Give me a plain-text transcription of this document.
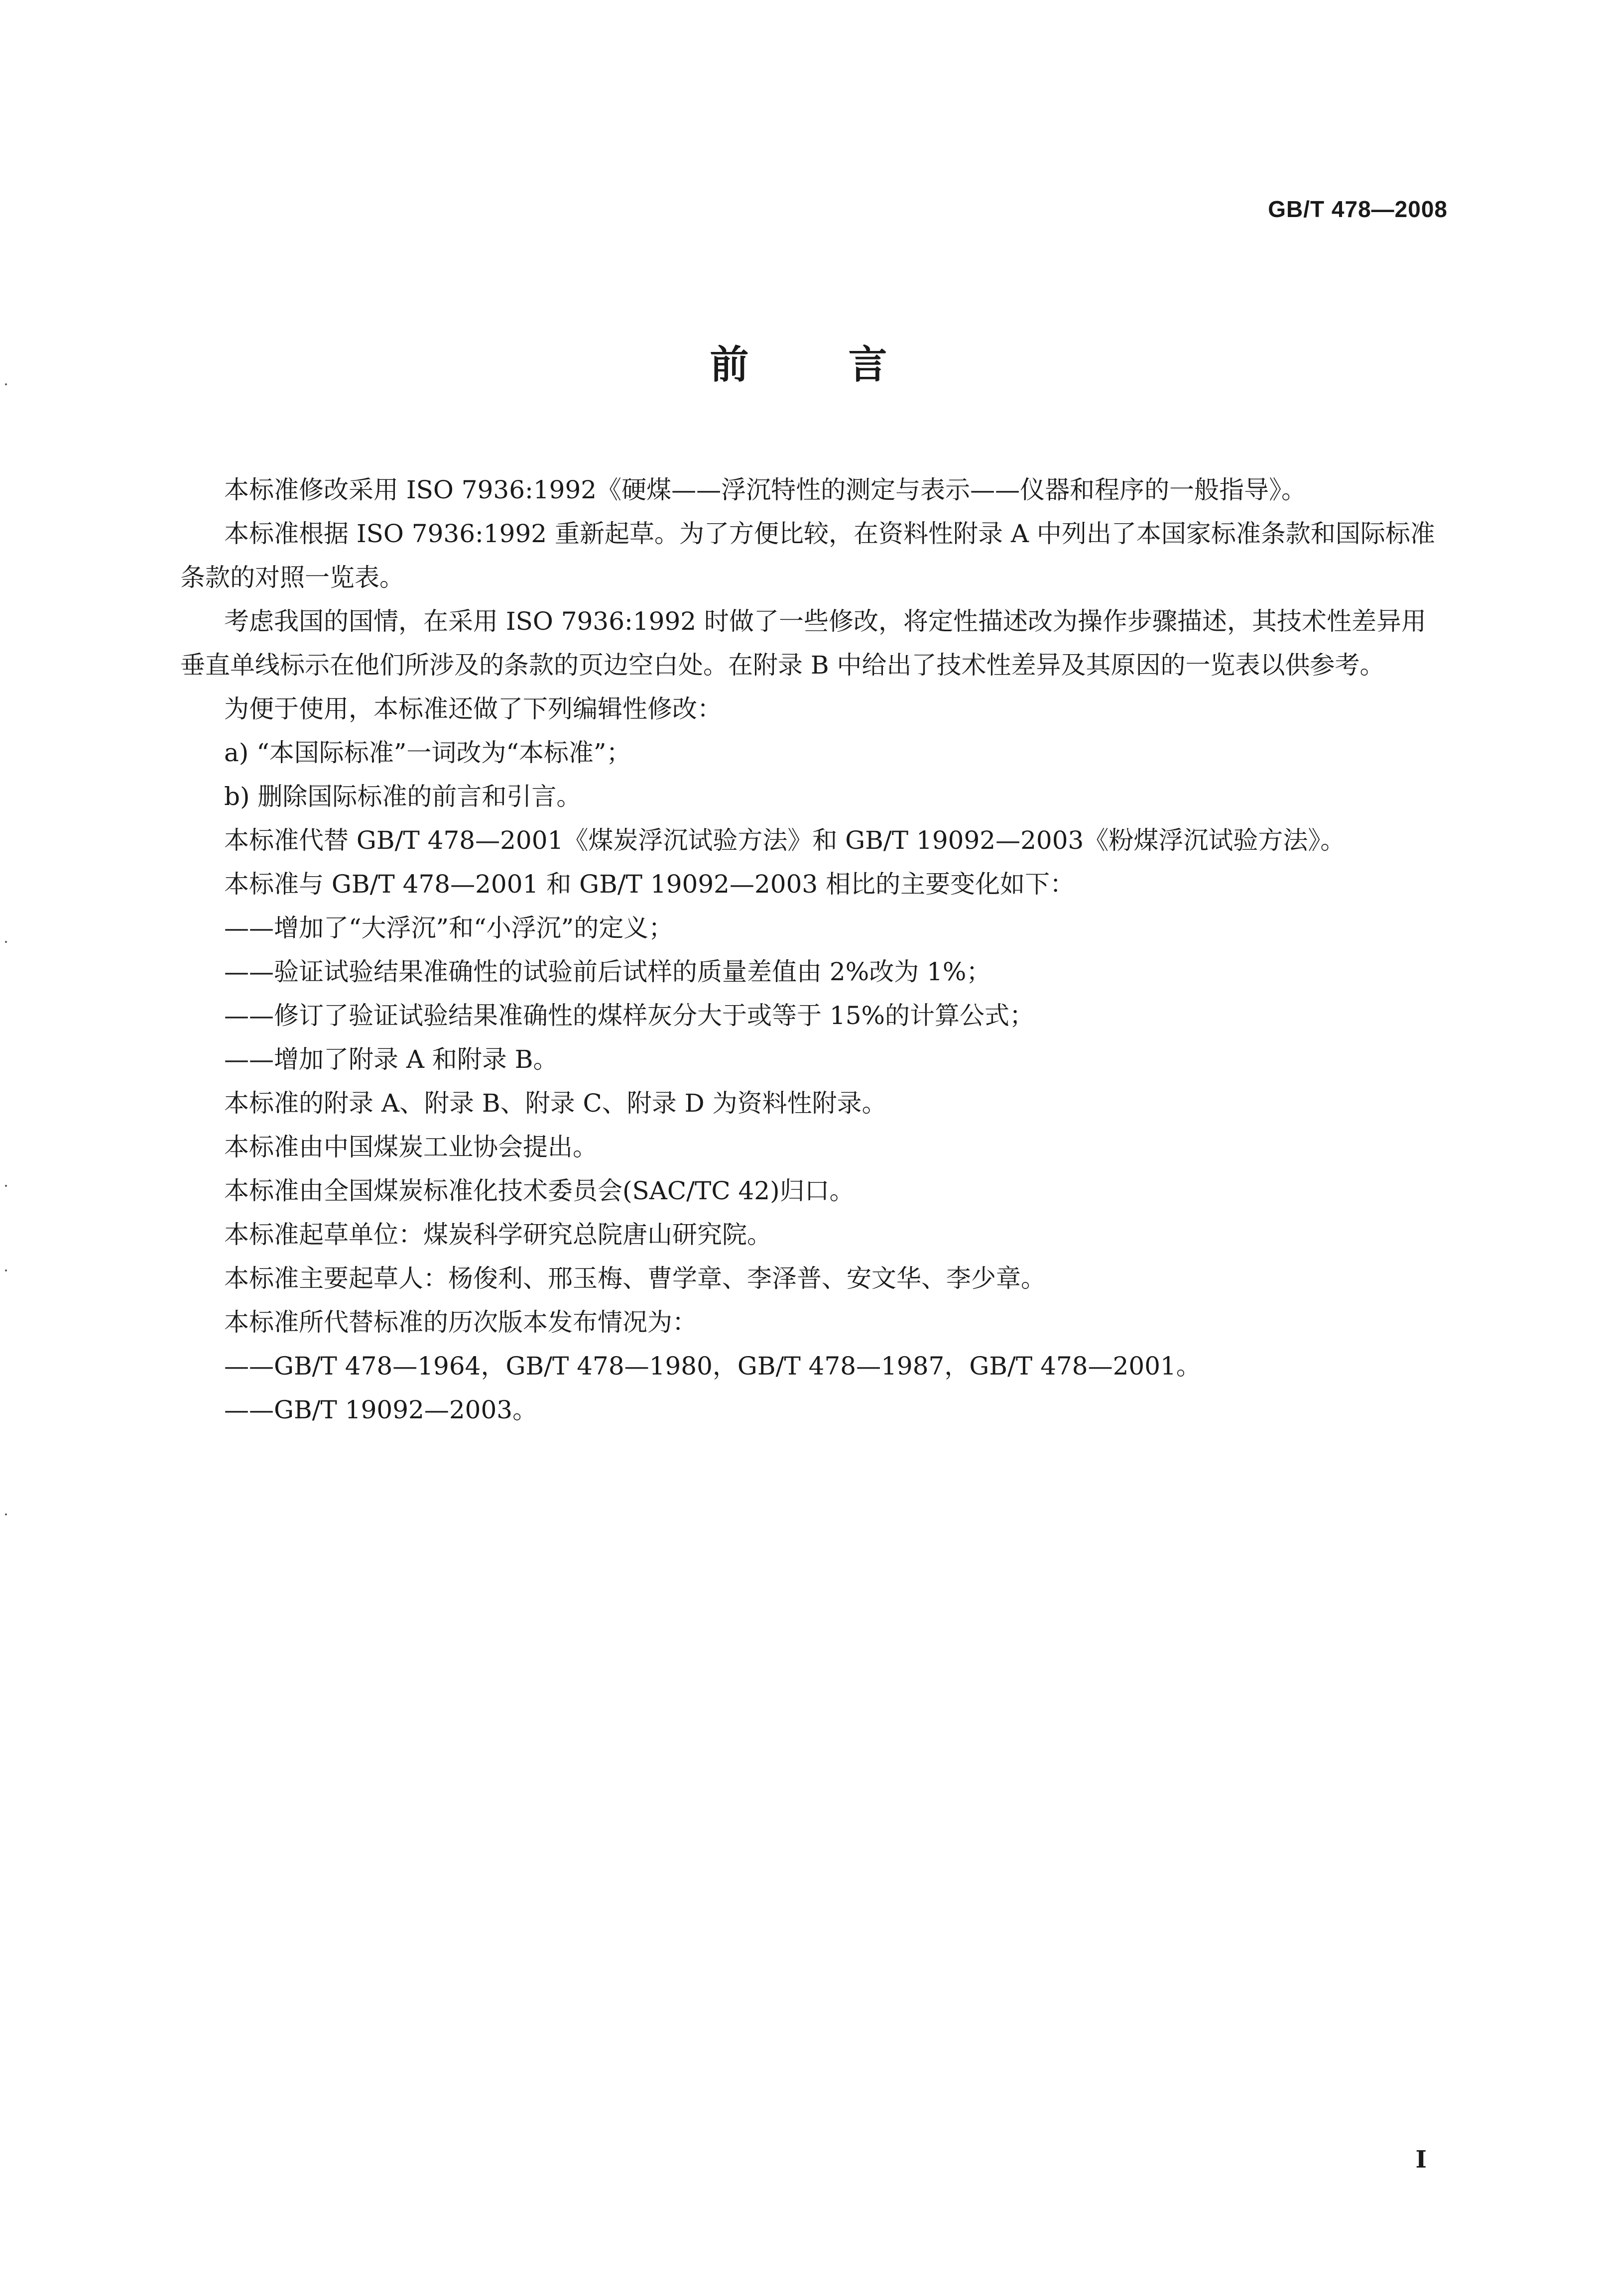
GB/T 478—2008
前言

本标准修改采用 ISO 7936:1992《硬煤——浮沉特性的测定与表示——仪器和程序的一般指导》。

本标准根据 ISO 7936:1992 重新起草。为了方便比较，在资料性附录 A 中列出了本国家标准条款和国际标准条款的对照一览表。

考虑我国的国情，在采用 ISO 7936:1992 时做了一些修改，将定性描述改为操作步骤描述，其技术性差异用垂直单线标示在他们所涉及的条款的页边空白处。在附录 B 中给出了技术性差异及其原因的一览表以供参考。

为便于使用，本标准还做了下列编辑性修改：

a) “本国际标准”一词改为“本标准”；

b) 删除国际标准的前言和引言。

本标准代替 GB/T 478—2001《煤炭浮沉试验方法》和 GB/T 19092—2003《粉煤浮沉试验方法》。

本标准与 GB/T 478—2001 和 GB/T 19092—2003 相比的主要变化如下：

——增加了“大浮沉”和“小浮沉”的定义；

——验证试验结果准确性的试验前后试样的质量差值由 2%改为 1%；

——修订了验证试验结果准确性的煤样灰分大于或等于 15%的计算公式；

——增加了附录 A 和附录 B。

本标准的附录 A、附录 B、附录 C、附录 D 为资料性附录。

本标准由中国煤炭工业协会提出。

本标准由全国煤炭标准化技术委员会(SAC/TC 42)归口。

本标准起草单位：煤炭科学研究总院唐山研究院。

本标准主要起草人：杨俊利、邢玉梅、曹学章、李泽普、安文华、李少章。

本标准所代替标准的历次版本发布情况为：

——GB/T 478—1964，GB/T 478—1980，GB/T 478—1987，GB/T 478—2001。

——GB/T 19092—2003。

I
